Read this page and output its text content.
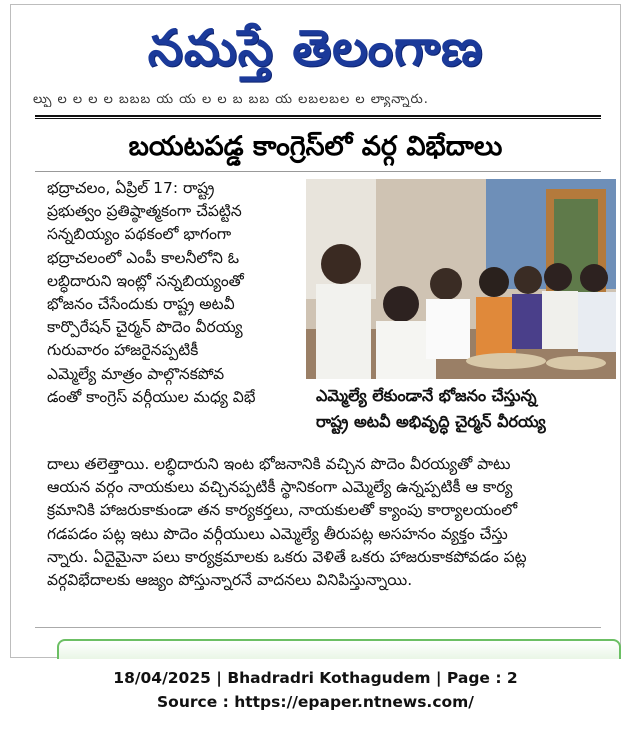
నమస్తే తెలంగాణ
ల్పు ల ల ల ల బబబ య య ల ల బ బబ య లబలబల ల ల్యాన్నారు.
బయటపడ్డ కాంగ్రెస్‌లో వర్గ విభేదాలు
భద్రాచలం, ఏప్రిల్ 17: రాష్ట్ర
ప్రభుత్వం ప్రతిష్ఠాత్మకంగా చేపట్టిన
సన్నబియ్యం పథకంలో భాగంగా
భద్రాచలంలో ఎంపీ కాలనీలోని ఓ
లబ్ధిదారుని ఇంట్లో సన్నబియ్యంతో
భోజనం చేసేందుకు రాష్ట్ర అటవీ
కార్పొరేషన్ చైర్మన్ పొదెం వీరయ్య
గురువారం హాజరైనప్పటికీ
ఎమ్మెల్యే మాత్రం పాల్గొనకపోవ
డంతో కాంగ్రెస్ వర్గీయుల మధ్య విభే	ఎమ్మెల్యే లేకుండానే భోజనం చేస్తున్న
రాష్ట్ర అటవీ అభివృద్ధి చైర్మన్ వీరయ్య
దాలు తలెత్తాయి. లబ్ధిదారుని ఇంట భోజనానికి వచ్చిన పొదెం వీరయ్యతో పాటు
ఆయన వర్గం నాయకులు వచ్చినప్పటికీ స్థానికంగా ఎమ్మెల్యే ఉన్నప్పటికీ ఆ కార్య
క్రమానికి హాజరుకాకుండా తన కార్యకర్తలు, నాయకులతో క్యాంపు కార్యాలయంలో
గడపడం పట్ల ఇటు పొదెం వర్గీయులు ఎమ్మెల్యే తీరుపట్ల అసహనం వ్యక్తం చేస్తు
న్నారు. ఏదైమైనా పలు కార్యక్రమాలకు ఒకరు వెళితే ఒకరు హాజరుకాకపోవడం పట్ల
వర్గవిభేదాలకు ఆజ్యం పోస్తున్నారనే వాదనలు వినిపిస్తున్నాయి.
18/04/2025 | Bhadradri Kothagudem | Page : 2
Source : https://epaper.ntnews.com/
